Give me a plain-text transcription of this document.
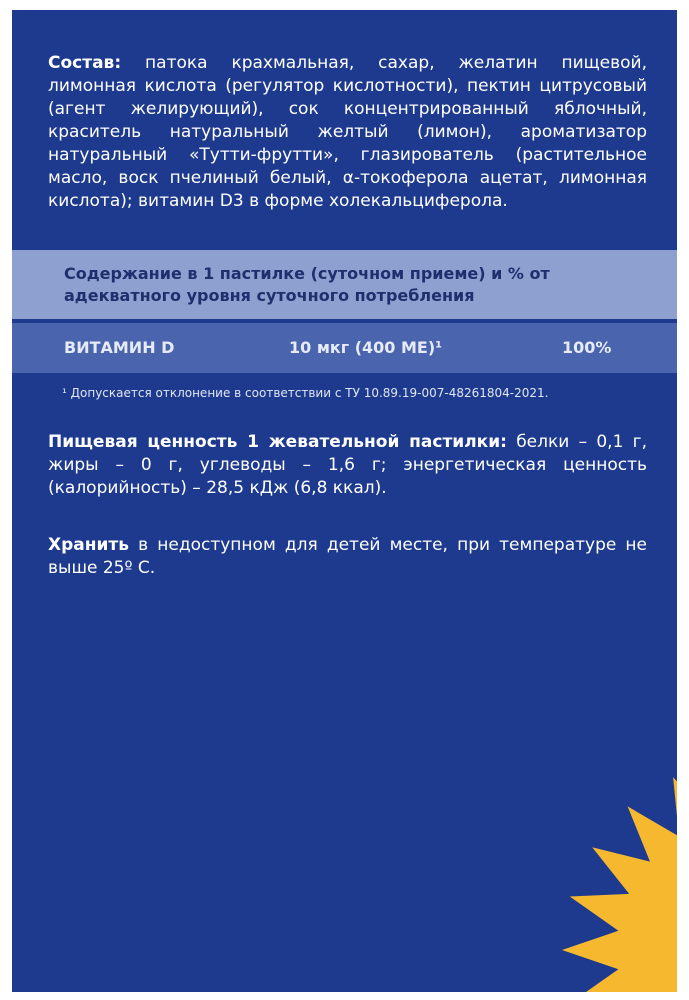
Состав: патока крахмальная, сахар, желатин пищевой, лимонная кислота (регулятор кислотности), пектин цитрусовый (агент желирующий), сок концентрированный яблочный, краситель натуральный желтый (лимон), ароматизатор натуральный «Тутти-фрутти», глазирователь (растительное масло, воск пчелиный белый, α-токоферола ацетат, лимонная кислота); витамин D3 в форме холекальциферола.
Содержание в 1 пастилке (суточном приеме) и % от адекватного уровня суточного потребления
ВИТАМИН D	10 мкг (400 МЕ)¹	100%
¹ Допускается отклонение в соответствии с ТУ 10.89.19-007-48261804-2021.
Пищевая ценность 1 жевательной пастилки: белки – 0,1 г, жиры – 0 г, углеводы – 1,6 г; энергетическая ценность (калорийность) – 28,5 кДж (6,8 ккал).
Хранить в недоступном для детей месте, при температуре не выше 25º С.
